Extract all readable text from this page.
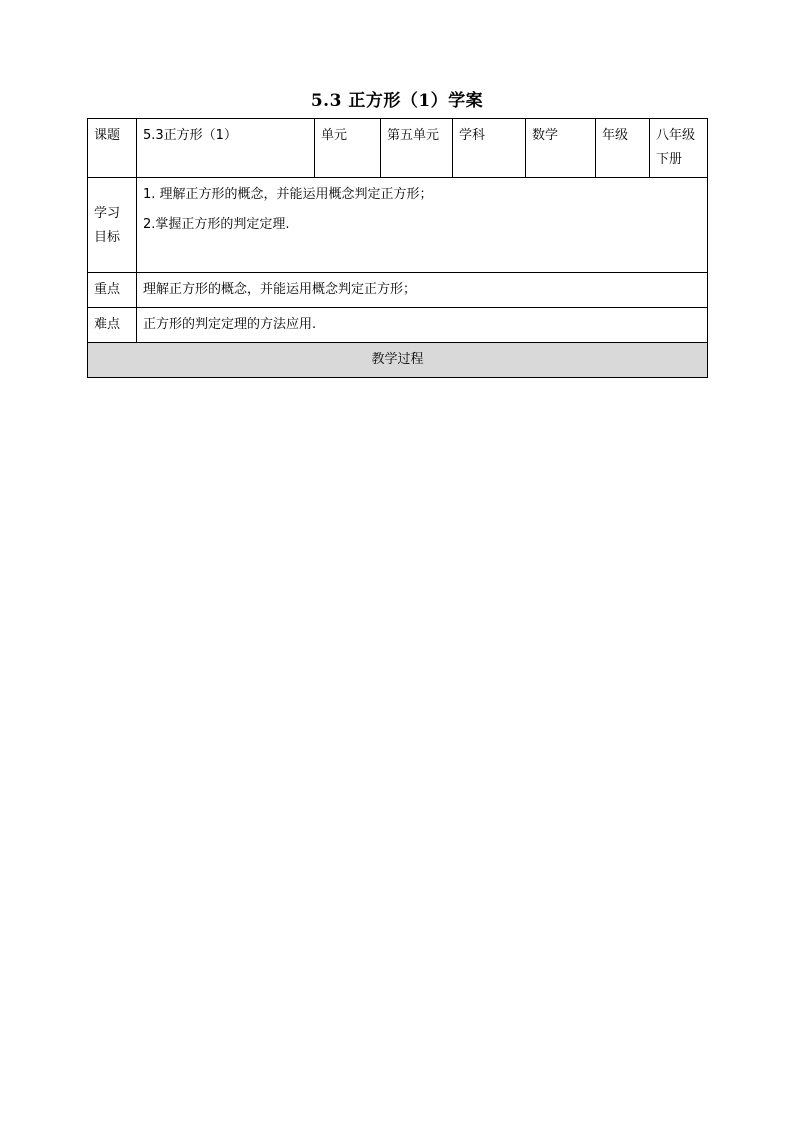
5.3 正方形（1）学案
课题	5.3正方形（1）	单元	第五单元	学科	数学	年级	八年级
下册

学习
目标	1. 理解正方形的概念，并能运用概念判定正方形；
2.掌握正方形的判定定理.						

重点	理解正方形的概念，并能运用概念判定正方形；						
难点	正方形的判定定理的方法应用.						
教学过程							
